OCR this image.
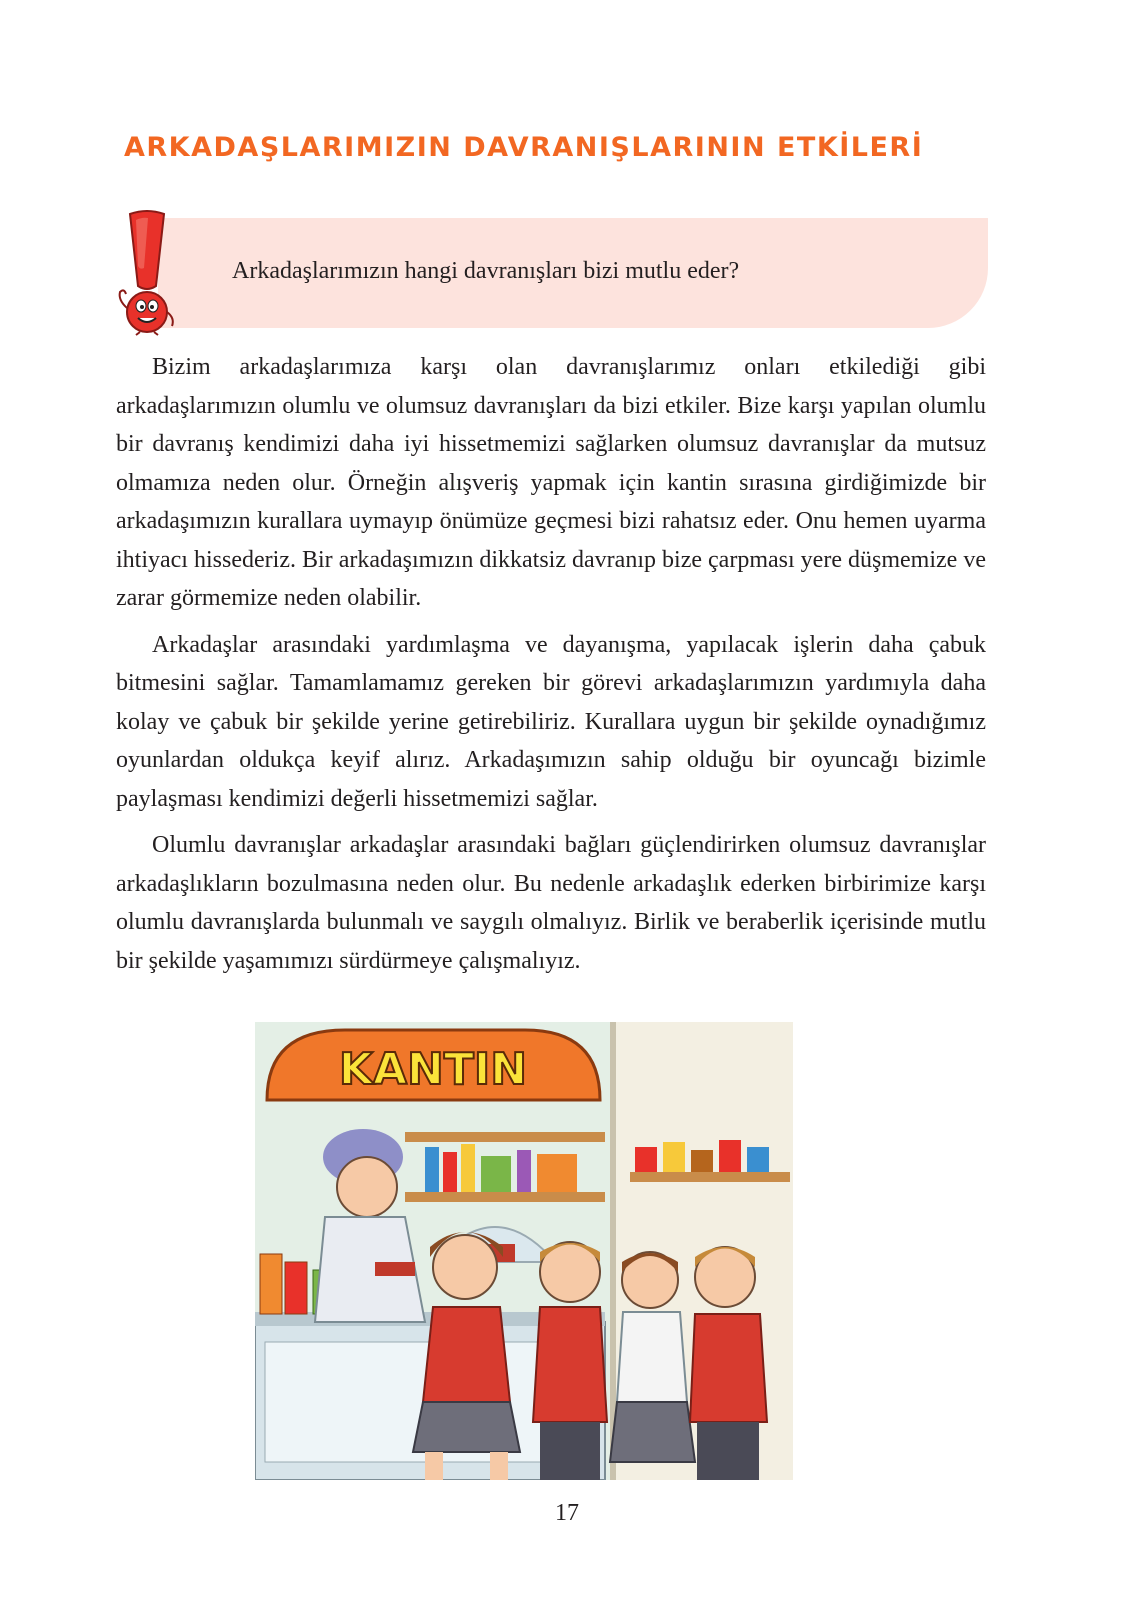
ARKADAŞLARIMIZIN DAVRANIŞLARININ ETKİLERİ
Arkadaşlarımızın hangi davranışları bizi mutlu eder?

Bizim arkadaşlarımıza karşı olan davranışlarımız onları etkilediği gibi arkadaşlarımızın olumlu ve olumsuz davranışları da bizi etkiler. Bize karşı yapılan olumlu bir davranış kendimizi daha iyi hissetmemizi sağlarken olumsuz davranışlar da mutsuz olmamıza neden olur. Örneğin alışveriş yapmak için kantin sırasına girdiğimizde bir arkadaşımızın kurallara uymayıp önümüze geçmesi bizi rahatsız eder. Onu hemen uyarma ihtiyacı hissederiz. Bir arkadaşımızın dikkatsiz davranıp bize çarpması yere düşmemize ve zarar görmemize neden olabilir.

Arkadaşlar arasındaki yardımlaşma ve dayanışma, yapılacak işlerin daha çabuk bitmesini sağlar. Tamamlamamız gereken bir görevi arkadaşlarımızın yardımıyla daha kolay ve çabuk bir şekilde yerine getirebiliriz. Kurallara uygun bir şekilde oynadığımız oyunlardan oldukça keyif alırız. Arkadaşımızın sahip olduğu bir oyuncağı bizimle paylaşması kendimizi değerli hissetmemizi sağlar.

Olumlu davranışlar arkadaşlar arasındaki bağları güçlendirirken olumsuz davranışlar arkadaşlıkların bozulmasına neden olur. Bu nedenle arkadaşlık ederken birbirimize karşı olumlu davranışlarda bulunmalı ve saygılı olmalıyız. Birlik ve beraberlik içerisinde mutlu bir şekilde yaşamımızı sürdürmeye çalışmalıyız.

KANTIN
17
